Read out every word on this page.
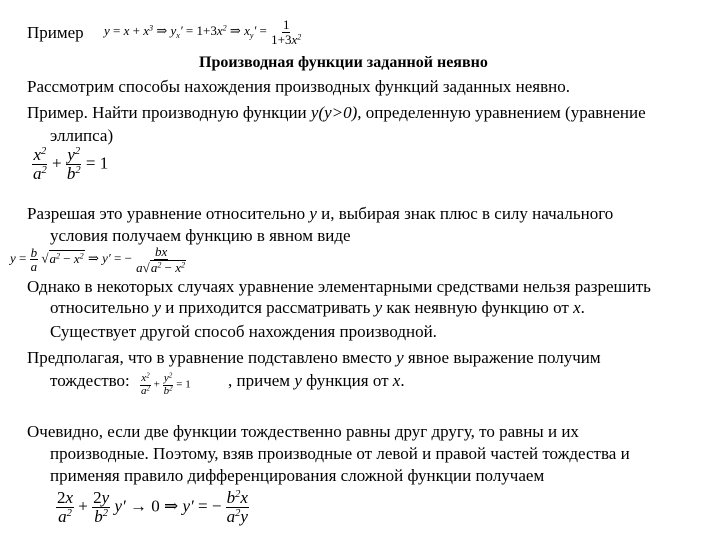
Пример $y = x + x^3$ ⇒ $y_x' = 1+3x^2$ ⇒ $x_y' = \frac{1}{1+3x^2}$
Производная функции заданной неявно
Рассмотрим способы нахождения производных функций заданных неявно.
Пример. Найти производную функции y(y>0), определенную уравнением (уравнение
эллипса)
$\frac{x^2}{a^2} + \frac{y^2}{b^2} = 1$
Разрешая это уравнение относительно y и, выбирая знак плюс в силу начального
условия получаем функцию в явном виде
$y = \frac{b}{a} √a^2 - x^2$ ⇒ y′ = − $\frac{bx}{a√a^2 - x^2}$
Однако в некоторых случаях уравнение элементарными средствами нельзя разрешить
относительно y и приходится рассматривать y как неявную функцию от x.
Существует другой способ нахождения производной.
Предполагая, что в уравнение подставлено вместо y явное выражение получим
тождество: $\frac{x^2}{a^2} + \frac{y^2}{b^2} = 1$ , причем y функция от x.
Очевидно, если две функции тождественно равны друг другу, то равны и их
производные. Поэтому, взяв производные от левой и правой частей тождества и
применяя правило дифференцирования сложной функции получаем
$\frac{2x}{a^2} + \frac{2y}{b^2} y' \to 0$ ⇒ y′ = − $\frac{b^2x}{a^2y}$
